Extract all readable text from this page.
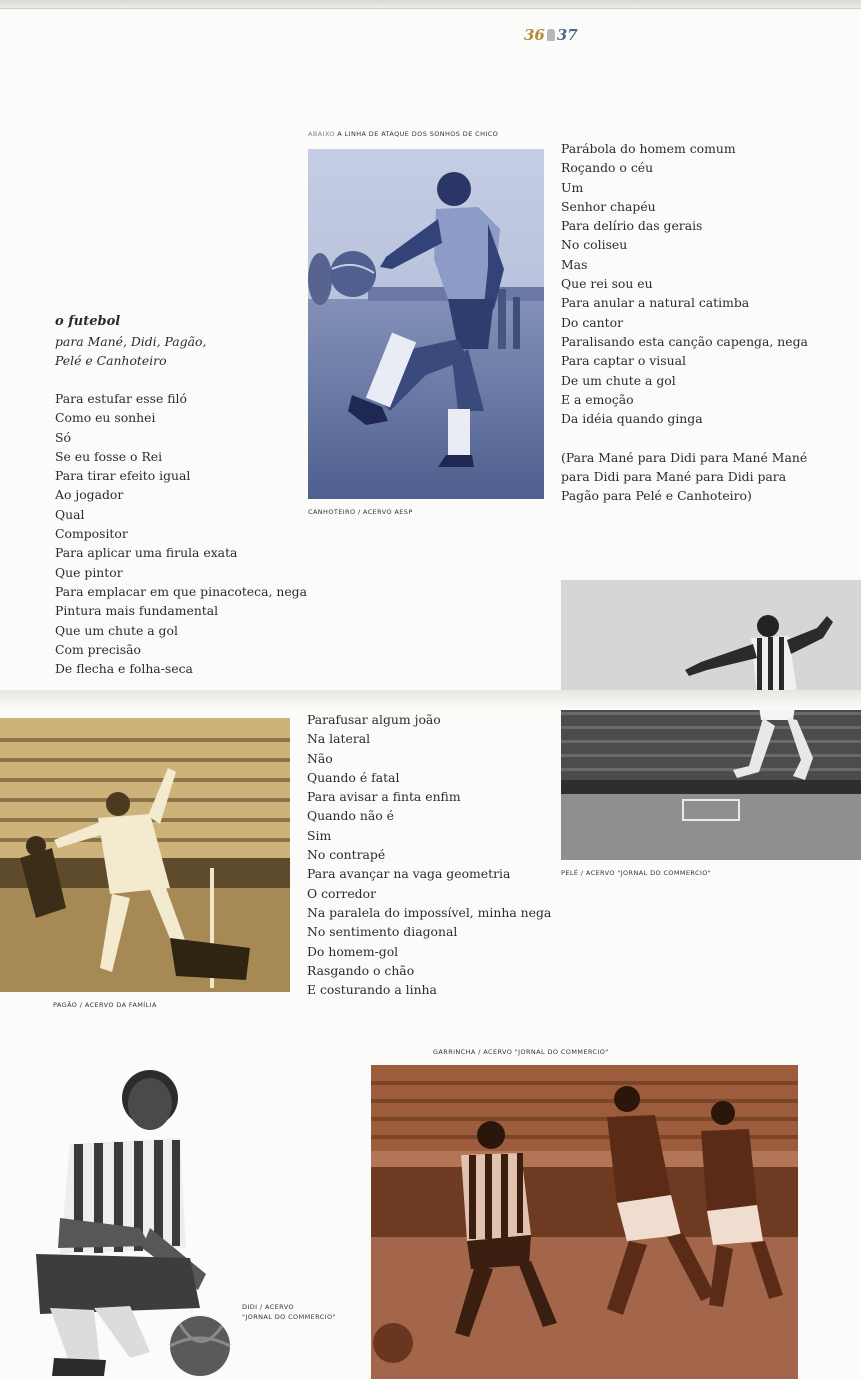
36 37
ABAIXO A LINHA DE ATAQUE DOS SONHOS DE CHICO
CANHOTEIRO / ACERVO AESP
o futebol
para Mané, Didi, Pagão,
Pelé e Canhoteiro
Para estufar esse filó
Como eu sonhei
Só
Se eu fosse o Rei
Para tirar efeito igual
Ao jogador
Qual
Compositor
Para aplicar uma firula exata
Que pintor
Para emplacar em que pinacoteca, nega
Pintura mais fundamental
Que um chute a gol
Com precisão
De flecha e folha-seca
Parábola do homem comum
Roçando o céu
Um
Senhor chapéu
Para delírio das gerais
No coliseu
Mas
Que rei sou eu
Para anular a natural catimba
Do cantor
Paralisando esta canção capenga, nega
Para captar o visual
De um chute a gol
E a emoção
Da idéia quando ginga
(Para Mané para Didi para Mané Mané
para Didi para Mané para Didi para
Pagão para Pelé e Canhoteiro)
PELÉ / ACERVO "JORNAL DO COMMERCIO"
PAGÃO / ACERVO DA FAMÍLIA
Parafusar algum joão
Na lateral
Não
Quando é fatal
Para avisar a finta enfim
Quando não é
Sim
No contrapé
Para avançar na vaga geometria
O corredor
Na paralela do impossível, minha nega
No sentimento diagonal
Do homem-gol
Rasgando o chão
E costurando a linha
GARRINCHA / ACERVO "JORNAL DO COMMERCIO"
DIDI / ACERVO
"JORNAL DO COMMERCIO"
